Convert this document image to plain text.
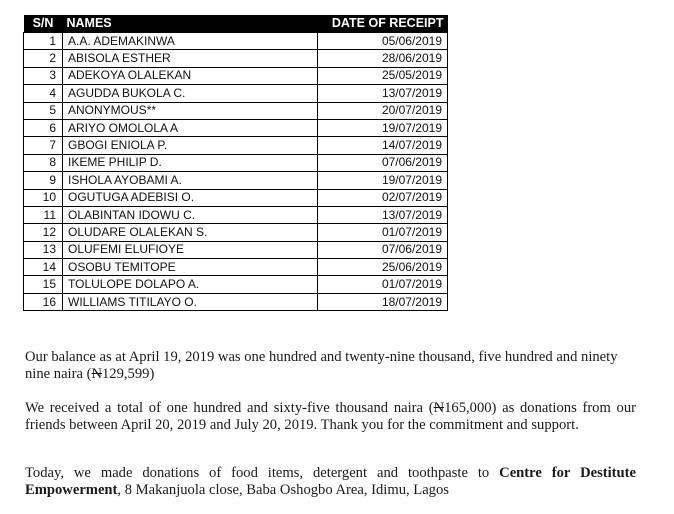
S/N	NAMES	DATE OF RECEIPT
1	A.A. ADEMAKINWA	05/06/2019
2	ABISOLA ESTHER	28/06/2019
3	ADEKOYA OLALEKAN	25/05/2019
4	AGUDDA BUKOLA C.	13/07/2019
5	ANONYMOUS**	20/07/2019
6	ARIYO OMOLOLA A	19/07/2019
7	GBOGI ENIOLA P.	14/07/2019
8	IKEME PHILIP D.	07/06/2019
9	ISHOLA AYOBAMI A.	19/07/2019
10	OGUTUGA ADEBISI O.	02/07/2019
11	OLABINTAN IDOWU C.	13/07/2019
12	OLUDARE OLALEKAN S.	01/07/2019
13	OLUFEMI ELUFIOYE	07/06/2019
14	OSOBU TEMITOPE	25/06/2019
15	TOLULOPE DOLAPO A.	01/07/2019
16	WILLIAMS TITILAYO O.	18/07/2019

Our balance as at April 19, 2019 was one hundred and twenty-nine thousand, five hundred and ninety nine naira (N129,599)

We received a total of one hundred and sixty-five thousand naira (N165,000) as donations from our friends between April 20, 2019 and July 20, 2019. Thank you for the commitment and support.

Today, we made donations of food items, detergent and toothpaste to Centre for Destitute Empowerment, 8 Makanjuola close, Baba Oshogbo Area, Idimu, Lagos
